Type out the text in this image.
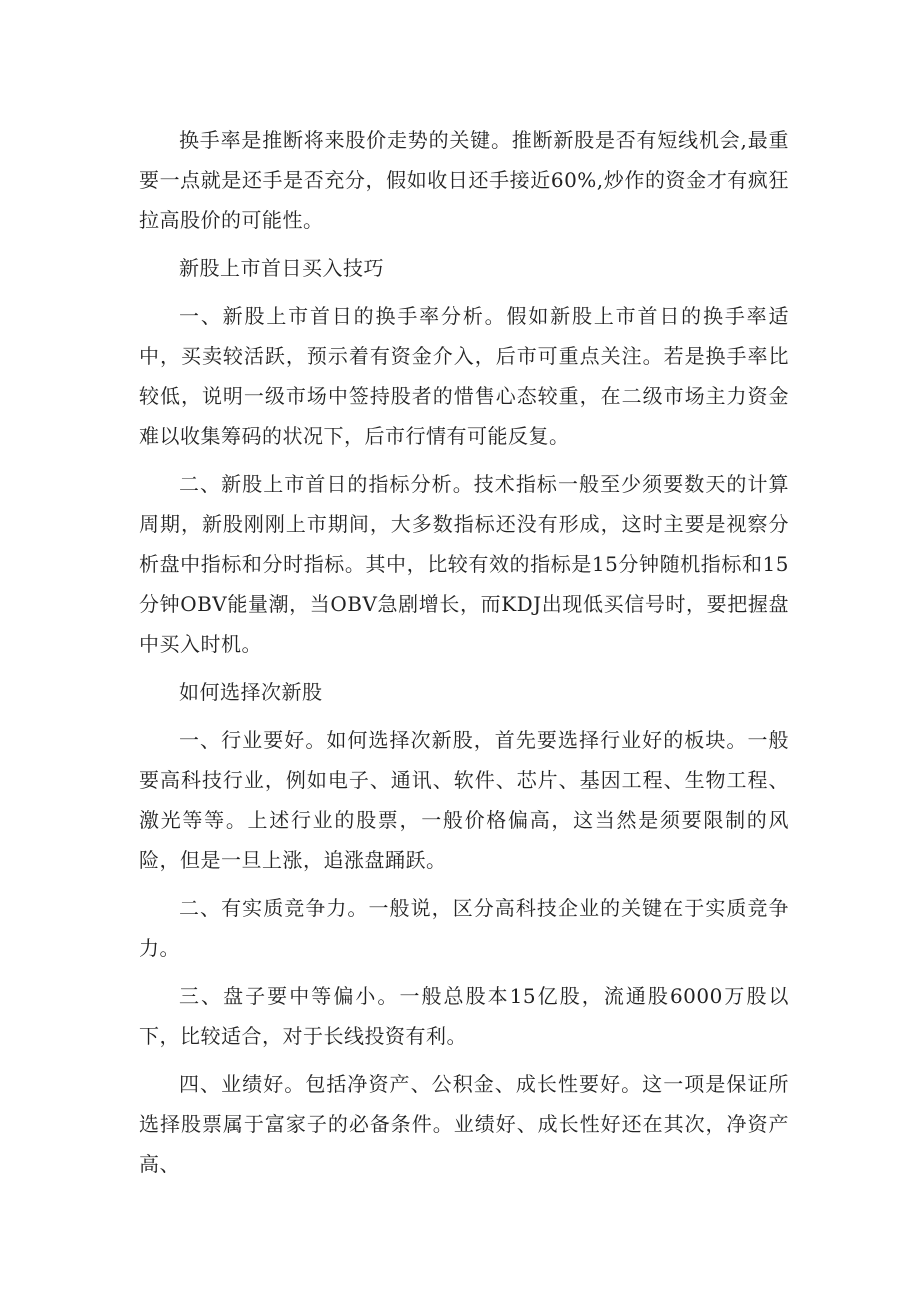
换手率是推断将来股价走势的关键。推断新股是否有短线机会,最重要一点就是还手是否充分，假如收日还手接近60%,炒作的资金才有疯狂拉高股价的可能性。

新股上市首日买入技巧

一、新股上市首日的换手率分析。假如新股上市首日的换手率适中，买卖较活跃，预示着有资金介入，后市可重点关注。若是换手率比较低，说明一级市场中签持股者的惜售心态较重，在二级市场主力资金难以收集筹码的状况下，后市行情有可能反复。

二、新股上市首日的指标分析。技术指标一般至少须要数天的计算周期，新股刚刚上市期间，大多数指标还没有形成，这时主要是视察分析盘中指标和分时指标。其中，比较有效的指标是15分钟随机指标和15分钟OBV能量潮，当OBV急剧增长，而KDJ出现低买信号时，要把握盘中买入时机。

如何选择次新股

一、行业要好。如何选择次新股，首先要选择行业好的板块。一般要高科技行业，例如电子、通讯、软件、芯片、基因工程、生物工程、激光等等。上述行业的股票，一般价格偏高，这当然是须要限制的风险，但是一旦上涨，追涨盘踊跃。

二、有实质竞争力。一般说，区分高科技企业的关键在于实质竞争力。

三、盘子要中等偏小。一般总股本15亿股，流通股6000万股以下，比较适合，对于长线投资有利。

四、业绩好。包括净资产、公积金、成长性要好。这一项是保证所选择股票属于富家子的必备条件。业绩好、成长性好还在其次，净资产高、
